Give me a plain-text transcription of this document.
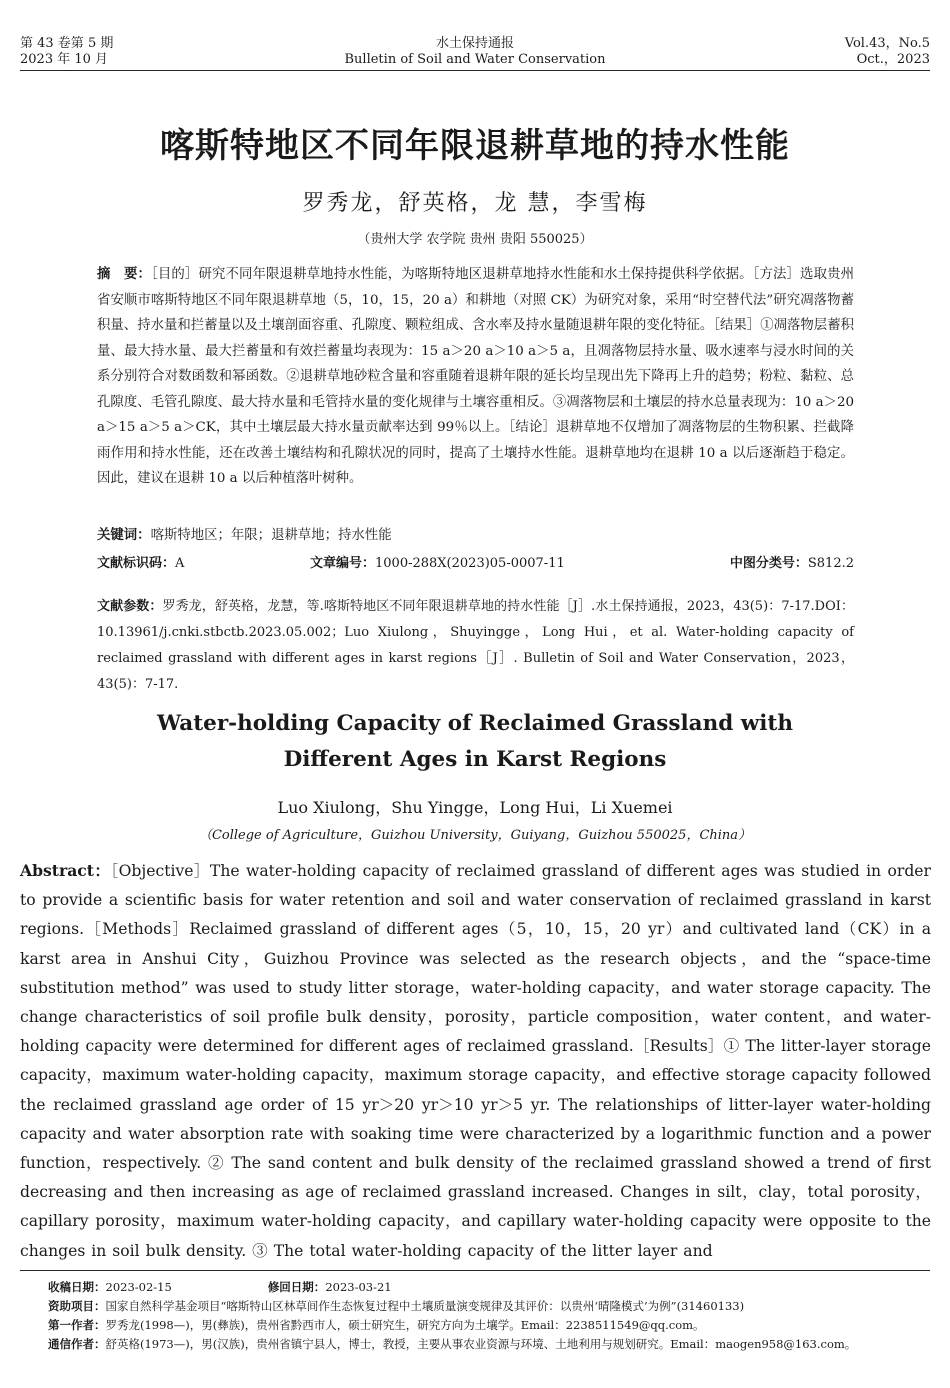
第 43 卷第 5 期
2023 年 10 月
水土保持通报
Bulletin of Soil and Water Conservation
Vol.43，No.5
Oct.，2023
喀斯特地区不同年限退耕草地的持水性能
罗秀龙，舒英格，龙 慧，李雪梅
（贵州大学 农学院 贵州 贵阳 550025）
摘　要：［目的］研究不同年限退耕草地持水性能，为喀斯特地区退耕草地持水性能和水土保持提供科学依据。［方法］选取贵州省安顺市喀斯特地区不同年限退耕草地（5，10，15，20 a）和耕地（对照 CK）为研究对象，采用“时空替代法”研究凋落物蓄积量、持水量和拦蓄量以及土壤剖面容重、孔隙度、颗粒组成、含水率及持水量随退耕年限的变化特征。［结果］①凋落物层蓄积量、最大持水量、最大拦蓄量和有效拦蓄量均表现为：15 a＞20 a＞10 a＞5 a，且凋落物层持水量、吸水速率与浸水时间的关系分别符合对数函数和幂函数。②退耕草地砂粒含量和容重随着退耕年限的延长均呈现出先下降再上升的趋势；粉粒、黏粒、总孔隙度、毛管孔隙度、最大持水量和毛管持水量的变化规律与土壤容重相反。③凋落物层和土壤层的持水总量表现为：10 a＞20 a＞15 a＞5 a＞CK，其中土壤层最大持水量贡献率达到 99％以上。［结论］退耕草地不仅增加了凋落物层的生物积累、拦截降雨作用和持水性能，还在改善土壤结构和孔隙状况的同时，提高了土壤持水性能。退耕草地均在退耕 10 a 以后逐渐趋于稳定。因此，建议在退耕 10 a 以后种植落叶树种。
关键词：喀斯特地区；年限；退耕草地；持水性能
文献标识码：A	文章编号：1000-288X(2023)05-0007-11	中图分类号：S812.2
文献参数：罗秀龙，舒英格，龙慧，等.喀斯特地区不同年限退耕草地的持水性能［J］.水土保持通报，2023，43(5)：7-17.DOI：10.13961/j.cnki.stbctb.2023.05.002；Luo Xiulong，Shuyingge，Long Hui，et al. Water-holding capacity of reclaimed grassland with different ages in karst regions［J］. Bulletin of Soil and Water Conservation，2023，43(5)：7-17.
Water-holding Capacity of Reclaimed Grassland with
Different Ages in Karst Regions
Luo Xiulong，Shu Yingge，Long Hui，Li Xuemei
（College of Agriculture，Guizhou University，Guiyang，Guizhou 550025，China）
Abstract：［Objective］The water-holding capacity of reclaimed grassland of different ages was studied in order to provide a scientific basis for water retention and soil and water conservation of reclaimed grassland in karst regions.［Methods］Reclaimed grassland of different ages（5，10，15，20 yr）and cultivated land（CK）in a karst area in Anshui City，Guizhou Province was selected as the research objects，and the “space-time substitution method” was used to study litter storage，water-holding capacity，and water storage capacity. The change characteristics of soil profile bulk density，porosity，particle composition，water content，and water-holding capacity were determined for different ages of reclaimed grassland.［Results］① The litter-layer storage capacity，maximum water-holding capacity，maximum storage capacity，and effective storage capacity followed the reclaimed grassland age order of 15 yr＞20 yr＞10 yr＞5 yr. The relationships of litter-layer water-holding capacity and water absorption rate with soaking time were characterized by a logarithmic function and a power function，respectively. ② The sand content and bulk density of the reclaimed grassland showed a trend of first decreasing and then increasing as age of reclaimed grassland increased. Changes in silt，clay，total porosity，capillary porosity，maximum water-holding capacity，and capillary water-holding capacity were opposite to the changes in soil bulk density. ③ The total water-holding capacity of the litter layer and
收稿日期：2023-02-15	修回日期：2023-03-21
资助项目：国家自然科学基金项目“喀斯特山区林草间作生态恢复过程中土壤质量演变规律及其评价：以贵州‘晴隆模式’为例”(31460133)
第一作者：罗秀龙(1998—)，男(彝族)，贵州省黔西市人，硕士研究生，研究方向为土壤学。Email：2238511549@qq.com。
通信作者：舒英格(1973—)，男(汉族)，贵州省镇宁县人，博士，教授，主要从事农业资源与环境、土地利用与规划研究。Email：maogen958@163.com。
